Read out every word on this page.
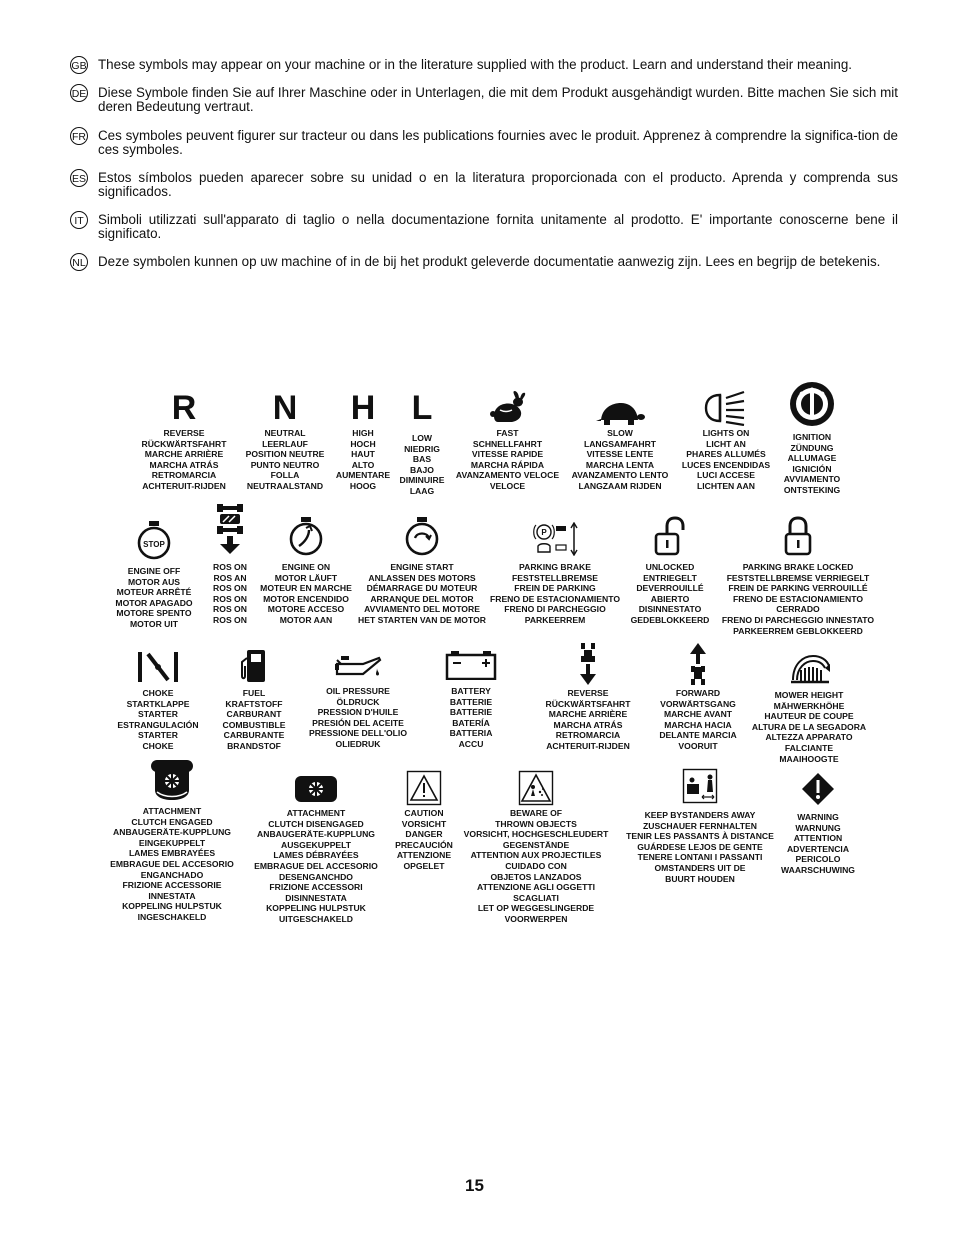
GB These symbols may appear on your machine or in the literature supplied with the product. Learn and understand their meaning.
DE Diese Symbole finden Sie auf Ihrer Maschine oder in Unterlagen, die mit dem Produkt ausgehändigt wurden. Bitte machen Sie sich mit deren Bedeutung vertraut.
FR Ces symboles peuvent figurer sur tracteur ou dans les publications fournies avec le produit. Apprenez à comprendre la significa-tion de ces symboles.
ES Estos símbolos pueden aparecer sobre su unidad o en la literatura proporcionada con el producto. Aprenda y comprenda sus significados.
IT	Simboli utilizzati sull'apparato di taglio o nella documentazione fornita unitamente al prodotto. E' importante conoscerne bene il significato.
NL Deze symbolen kunnen op uw machine of in de bij het produkt geleverde documentatie aanwezig zijn. Lees en begrijp de betekenis.
R
REVERSE
RÜCKWÄRTSFAHRT
MARCHE ARRIÈRE
MARCHA ATRÁS
RETROMARCIA
ACHTERUIT-RIJDEN
N
NEUTRAL
LEERLAUF
POSITION NEUTRE
PUNTO NEUTRO
FOLLA
NEUTRAALSTAND
H
HIGH
HOCH
HAUT
ALTO
AUMENTARE
HOOG
L
LOW
NIEDRIG
BAS
BAJO
DIMINUIRE
LAAG
FAST
SCHNELLFAHRT
VITESSE RAPIDE
MARCHA RÁPIDA
AVANZAMENTO VELOCE
VELOCE
SLOW
LANGSAMFAHRT
VITESSE LENTE
MARCHA LENTA
AVANZAMENTO LENTO
LANGZAAM RIJDEN
LIGHTS ON
LICHT AN
PHARES ALLUMÉS
LUCES ENCENDIDAS
LUCI ACCESE
LICHTEN AAN
IGNITION
ZÜNDUNG
ALLUMAGE
IGNICIÓN
AVVIAMENTO
ONTSTEKING
STOP
ENGINE OFF
MOTOR AUS
MOTEUR ARRÊTÉ
MOTOR APAGADO
MOTORE SPENTO
MOTOR UIT
ROS ON
ROS AN
ROS ON
ROS ON
ROS ON
ROS ON
ENGINE ON
MOTOR LÄUFT
MOTEUR EN MARCHE
MOTOR ENCENDIDO
MOTORE ACCESO
MOTOR AAN
ENGINE START
ANLASSEN DES MOTORS
DÉMARRAGE DU MOTEUR
ARRANQUE DEL MOTOR
AVVIAMENTO DEL MOTORE
HET STARTEN VAN DE MOTOR
P
PARKING BRAKE
FESTSTELLBREMSE
FREIN DE PARKING
FRENO DE ESTACIONAMIENTO
FRENO DI PARCHEGGIO
PARKEERREM
UNLOCKED
ENTRIEGELT
DEVERROUILLÉ
ABIERTO
DISINNESTATO
GEDEBLOKKEERD
PARKING BRAKE LOCKED
FESTSTELLBREMSE VERRIEGELT
FREIN DE PARKING VERROUILLÉ
FRENO DE ESTACIONAMIENTO
CERRADO
FRENO DI PARCHEGGIO INNESTATO
PARKEERREM GEBLOKKEERD
CHOKE
STARTKLAPPE
STARTER
ESTRANGULACIÓN
STARTER
CHOKE
FUEL
KRAFTSTOFF
CARBURANT
COMBUSTIBLE
CARBURANTE
BRANDSTOF
OIL PRESSURE
ÖLDRUCK
PRESSION D'HUILE
PRESIÓN DEL ACEITE
PRESSIONE DELL'OLIO
OLIEDRUK
BATTERY
BATTERIE
BATTERIE
BATERÍA
BATTERIA
ACCU
REVERSE
RÜCKWÄRTSFAHRT
MARCHE ARRIÈRE
MARCHA ATRÁS
RETROMARCIA
ACHTERUIT-RIJDEN
FORWARD
VORWÄRTSGANG
MARCHE AVANT
MARCHA HACIA
DELANTE MARCIA
VOORUIT
MOWER HEIGHT
MÄHWERKHÖHE
HAUTEUR DE COUPE
ALTURA DE LA SEGADORA
ALTEZZA APPARATO
FALCIANTE
MAAIHOOGTE
ATTACHMENT
CLUTCH ENGAGED
ANBAUGERÄTE-KUPPLUNG
EINGEKUPPELT
LAMES EMBRAYÉES
EMBRAGUE DEL ACCESORIO
ENGANCHADO
FRIZIONE ACCESSORIE
INNESTATA
KOPPELING HULPSTUK
INGESCHAKELD
ATTACHMENT
CLUTCH DISENGAGED
ANBAUGERÄTE-KUPPLUNG
AUSGEKUPPELT
LAMES DÉBRAYÉES
EMBRAGUE DEL ACCESORIO
DESENGANCHDO
FRIZIONE ACCESSORI
DISINNESTATA
KOPPELING HULPSTUK
UITGESCHAKELD
CAUTION
VORSICHT
DANGER
PRECAUCIÓN
ATTENZIONE
OPGELET
BEWARE OF
THROWN OBJECTS
VORSICHT, HOCHGESCHLEUDERT
GEGENSTÄNDE
ATTENTION AUX PROJECTILES
CUIDADO CON
OBJETOS LANZADOS
ATTENZIONE AGLI OGGETTI
SCAGLIATI
LET OP WEGGESLINGERDE
VOORWERPEN
KEEP BYSTANDERS AWAY
ZUSCHAUER FERNHALTEN
TENIR LES PASSANTS À DISTANCE
GUÁRDESE LEJOS DE GENTE
TENERE LONTANI I PASSANTI
OMSTANDERS UIT DE
BUURT HOUDEN
WARNING
WARNUNG
ATTENTION
ADVERTENCIA
PERICOLO
WAARSCHUWING
15
